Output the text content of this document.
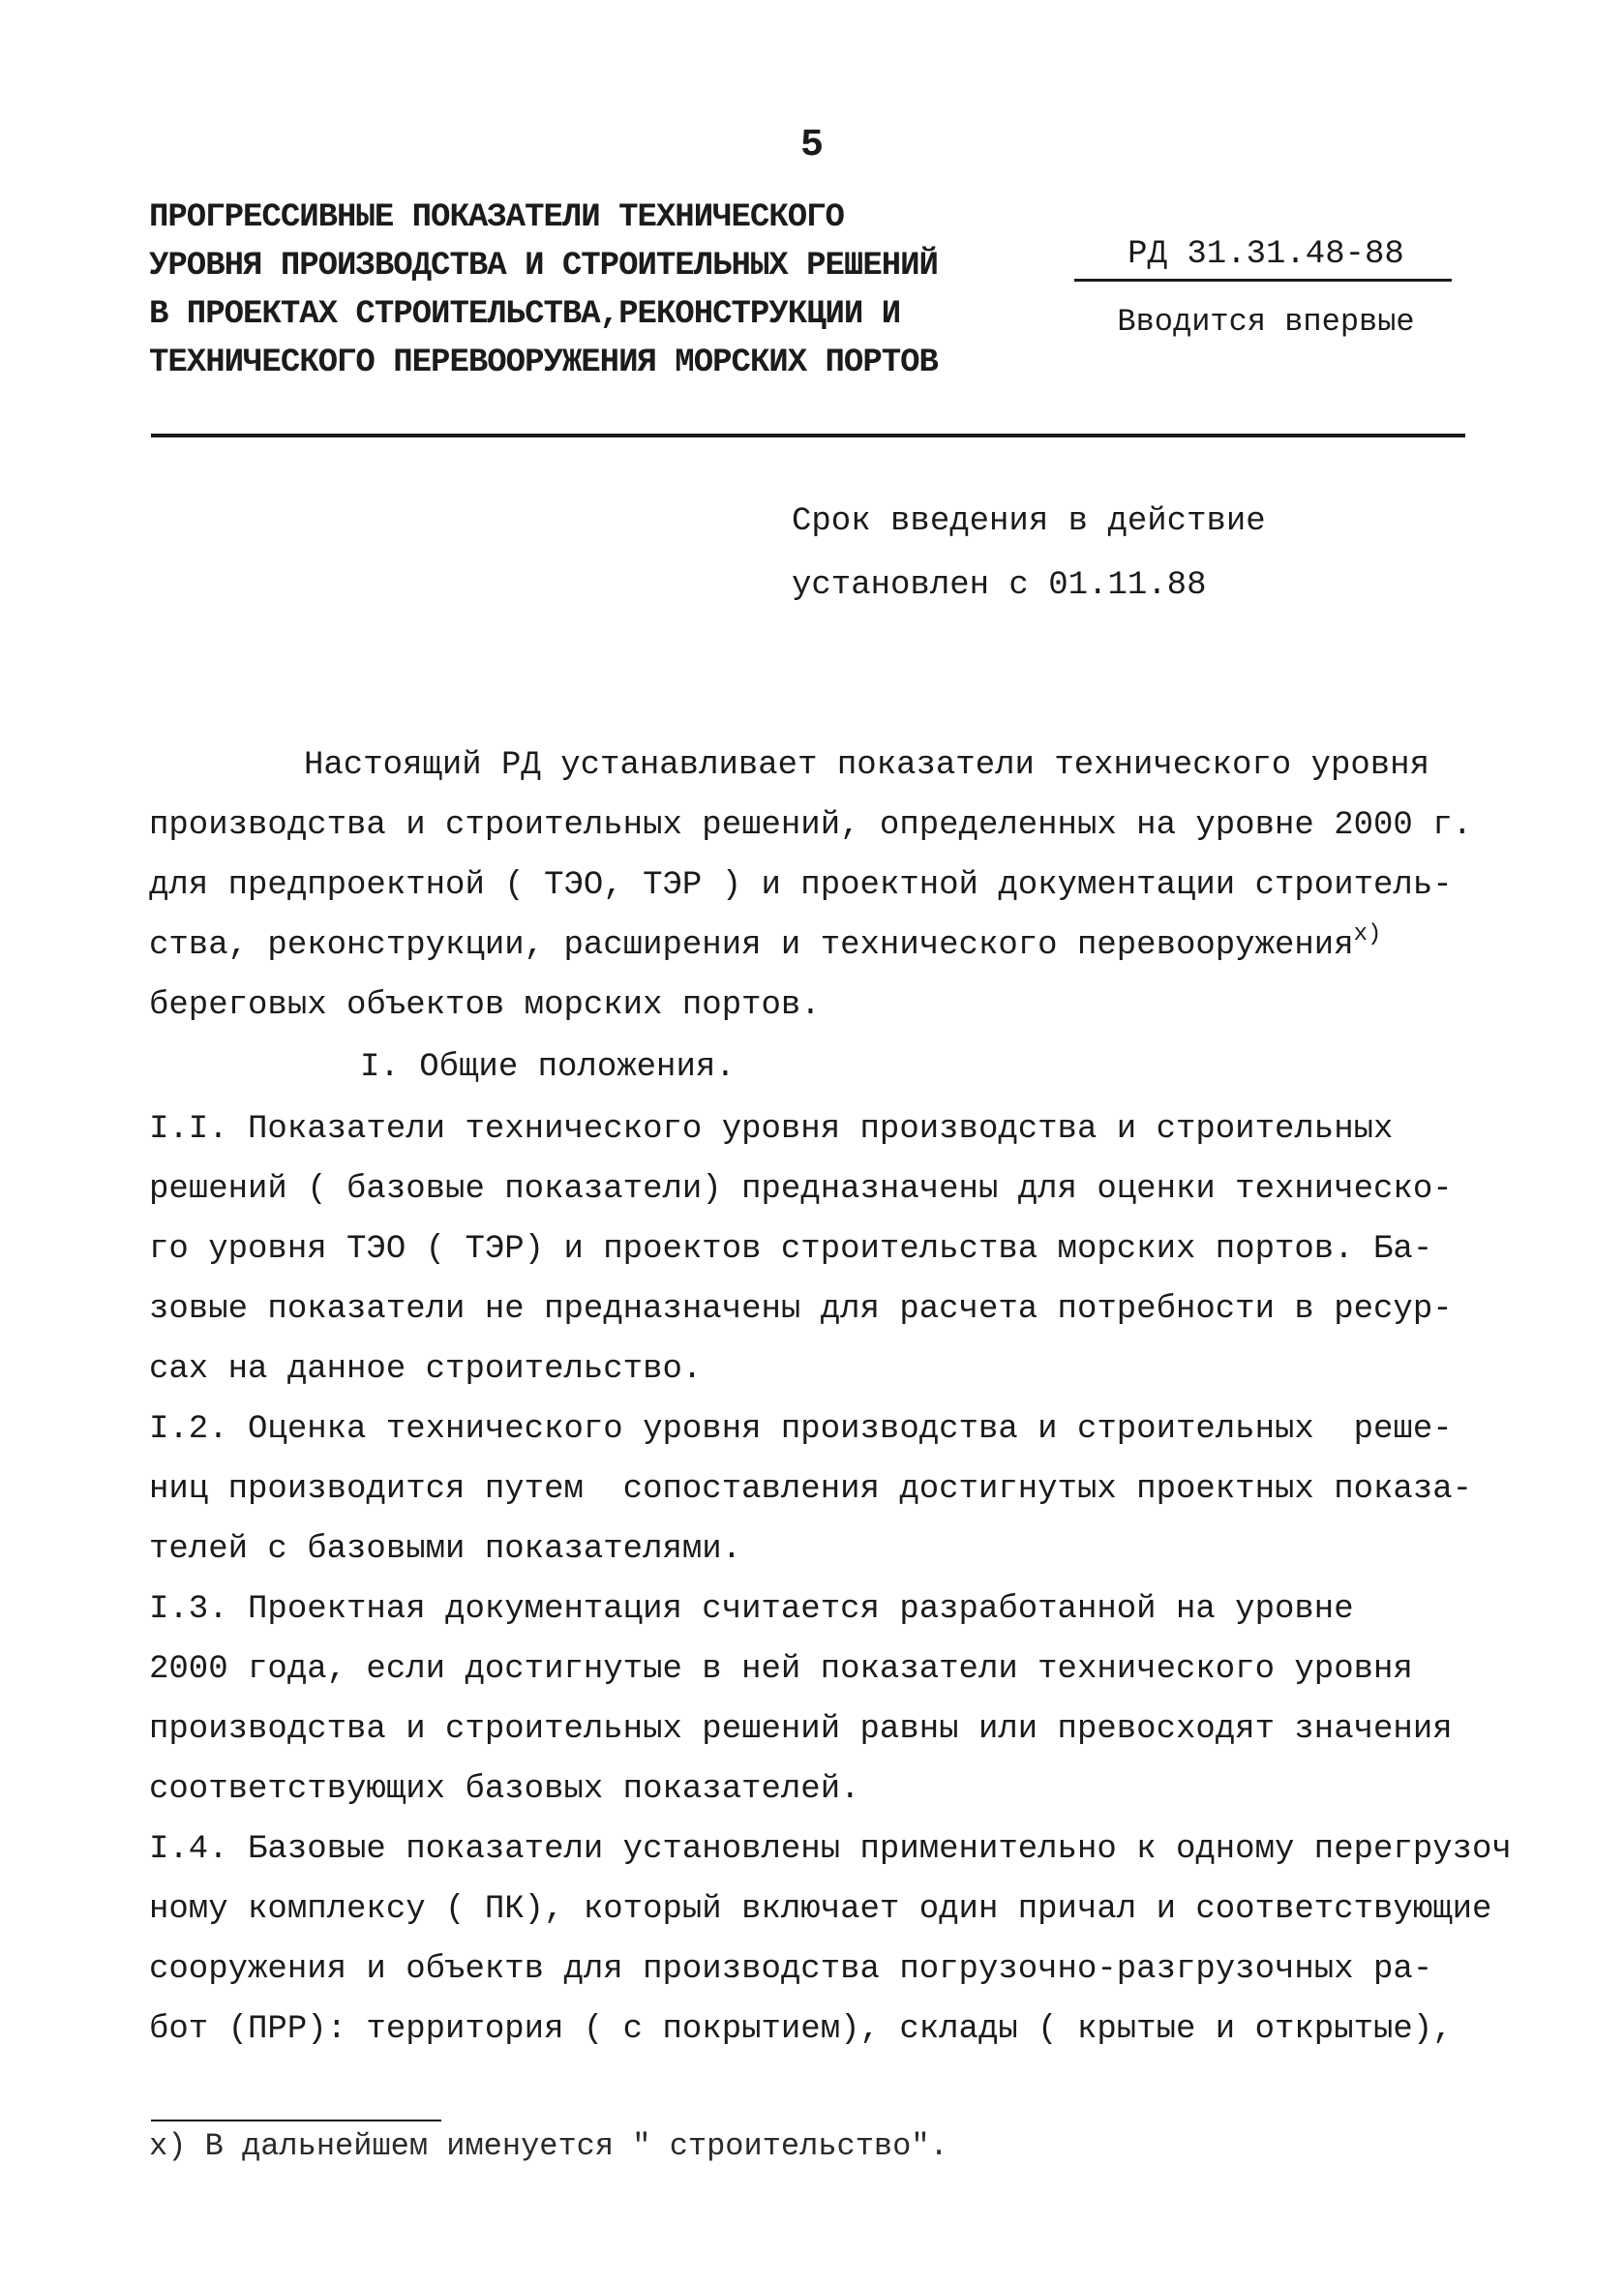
5
ПРОГРЕССИВНЫЕ ПОКАЗАТЕЛИ ТЕХНИЧЕСКОГО
УРОВНЯ ПРОИЗВОДСТВА И СТРОИТЕЛЬНЫХ РЕШЕНИЙ
В ПРОЕКТАХ СТРОИТЕЛЬСТВА,РЕКОНСТРУКЦИИ И
ТЕХНИЧЕСКОГО ПЕРЕВООРУЖЕНИЯ МОРСКИХ ПОРТОВ
РД 31.31.48-88
Вводится впервые
Срок введения в действие
установлен с 01.11.88
Настоящий РД устанавливает показатели технического уровня
производства и строительных решений, определенных на уровне 2000 г.
для предпроектной ( ТЭО, ТЭР ) и проектной документации строитель-
ства, реконструкции, расширения и технического перевооружения$^{х)}$
береговых объектов морских портов.
I. Общие положения.
I.I. Показатели технического уровня производства и строительных
решений ( базовые показатели) предназначены для оценки техническо-
го уровня ТЭО ( ТЭР) и проектов строительства морских портов. Ба-
зовые показатели не предназначены для расчета потребности в ресур-
сах на данное строительство.
I.2. Оценка технического уровня производства и строительных  реше-
ниц производится путем  сопоставления достигнутых проектных показа-
телей с базовыми показателями.
I.3. Проектная документация считается разработанной на уровне
2000 года, если достигнутые в ней показатели технического уровня
производства и строительных решений равны или превосходят значения
соответствующих базовых показателей.
I.4. Базовые показатели установлены применительно к одному перегрузоч
ному комплексу ( ПК), который включает один причал и соответствующие
сооружения и объектв для производства погрузочно-разгрузочных ра-
бот (ПРР): территория ( с покрытием), склады ( крытые и открытые),
х) В дальнейшем именуется " строительство".
